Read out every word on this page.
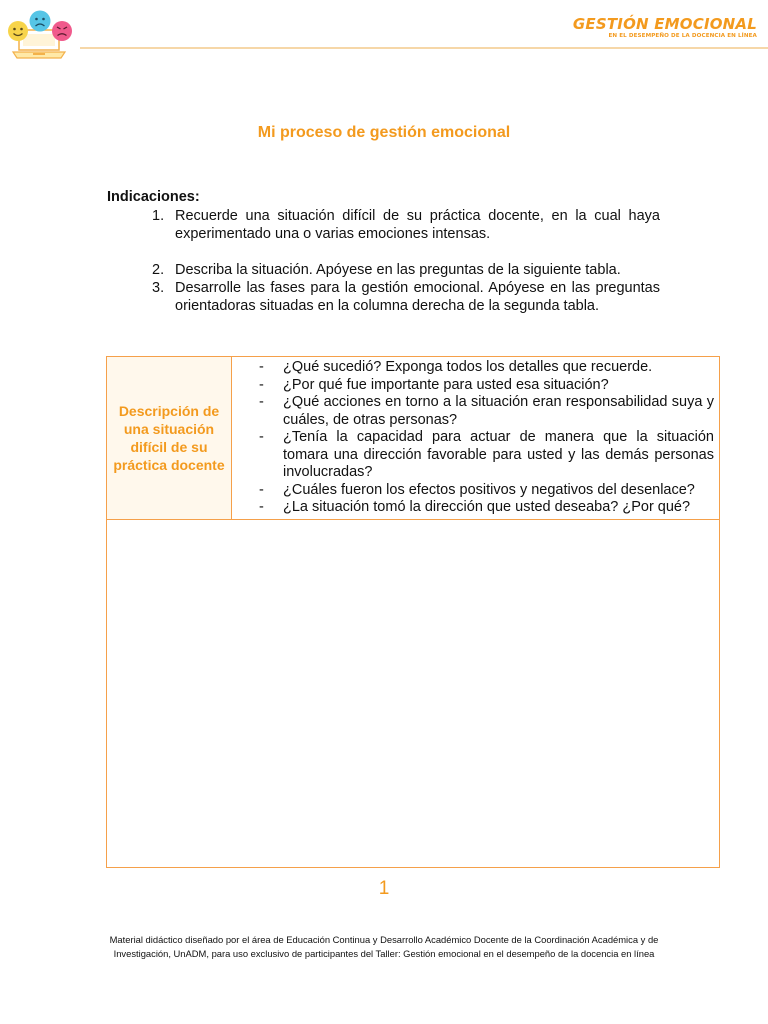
GESTIÓN EMOCIONAL
EN EL DESEMPEÑO DE LA DOCENCIA EN LÍNEA
Mi proceso de gestión emocional
Indicaciones:
1. Recuerde una situación difícil de su práctica docente, en la cual haya experimentado una o varias emociones intensas.
2. Describa la situación. Apóyese en las preguntas de la siguiente tabla.
3. Desarrolle las fases para la gestión emocional. Apóyese en las preguntas orientadoras situadas en la columna derecha de la segunda tabla.
Descripción de una situación difícil de su práctica docente
- ¿Qué sucedió? Exponga todos los detalles que recuerde.
- ¿Por qué fue importante para usted esa situación?
- ¿Qué acciones en torno a la situación eran responsabilidad suya y cuáles, de otras personas?
- ¿Tenía la capacidad para actuar de manera que la situación tomara una dirección favorable para usted y las demás personas involucradas?
- ¿Cuáles fueron los efectos positivos y negativos del desenlace?
- ¿La situación tomó la dirección que usted deseaba? ¿Por qué?
1
Material didáctico diseñado por el área de Educación Continua y Desarrollo Académico Docente de la Coordinación Académica y de Investigación, UnADM, para uso exclusivo de participantes del Taller: Gestión emocional en el desempeño de la docencia en línea
